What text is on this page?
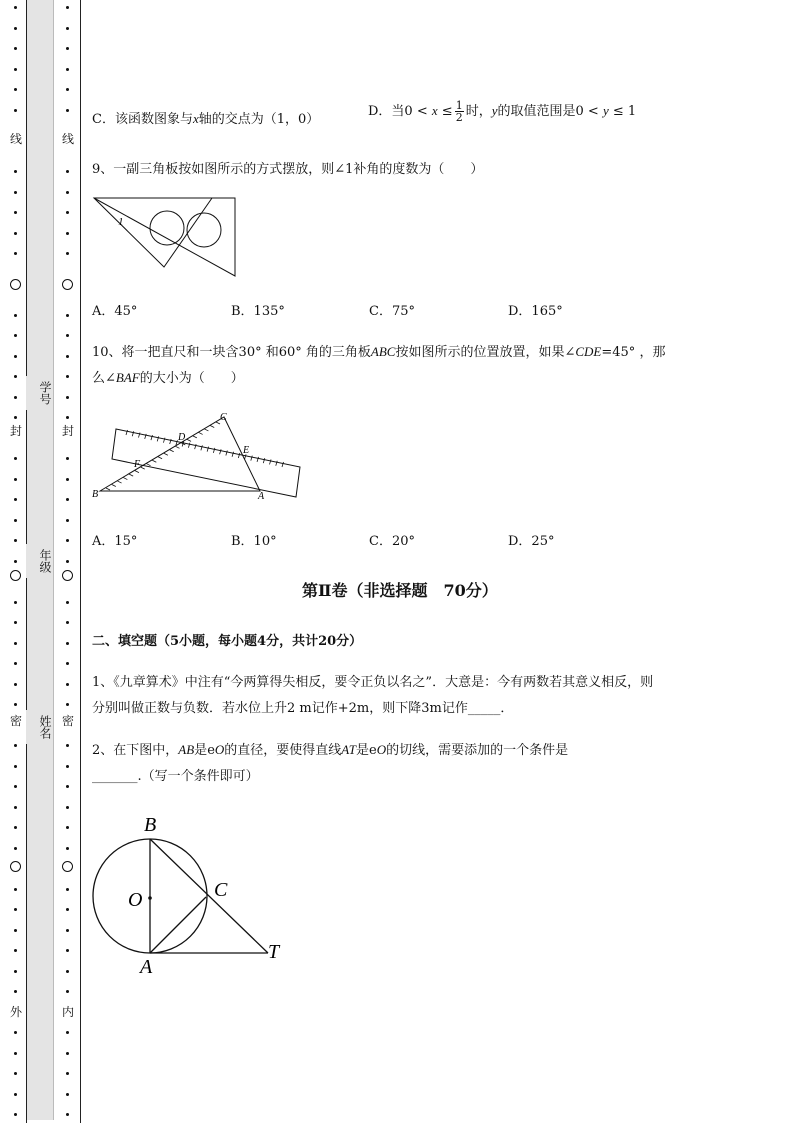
线
封
密
外
线
封
密
内
学号
年级
姓名
C．该函数图象与x轴的交点为（1，0）
D．当$0 < x \le \frac{1}{2}$ 时，y的取值范围是0 < y ≤ 1
9、一副三角板按如图所示的方式摆放，则∠1补角的度数为（　　）
1
A．45°	B．135°	C．75°	D．165°
10、将一把直尺和一块含30° 和60° 角的三角板ABC按如图所示的位置放置，如果∠CDE=45° ，那
么∠BAF的大小为（　　）
C
D
E
F
B	A
A．15°	B．10°	C．20°	D．25°
第Ⅱ卷（非选择题　70分）
二、填空题（5小题，每小题4分，共计20分）
1、《九章算术》中注有“今两算得失相反，要令正负以名之”．大意是：今有两数若其意义相反，则
分别叫做正数与负数．若水位上升2 m记作+2m，则下降3m记作_____．
2、在下图中，AB是eO的直径，要使得直线AT是eO的切线，需要添加的一个条件是
_______.（写一个条件即可）
B
O	C
A
T
